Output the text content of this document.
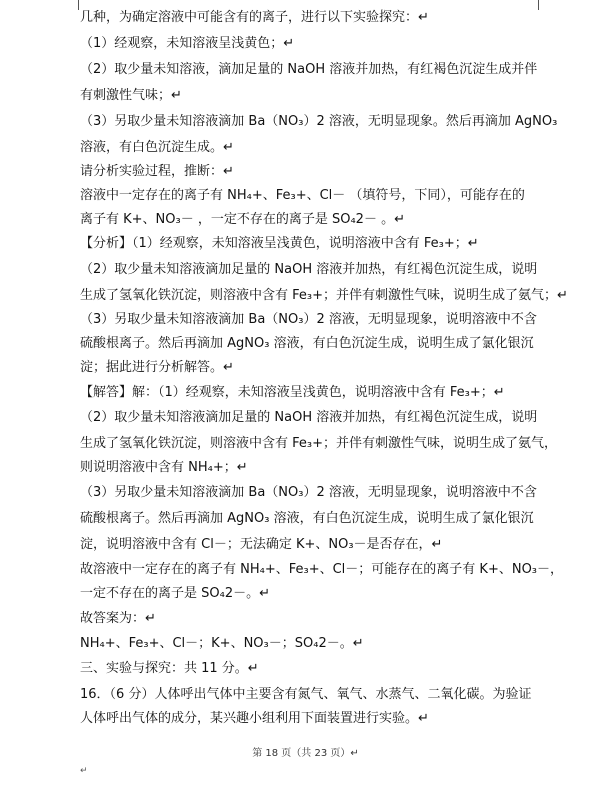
几种，为确定溶液中可能含有的离子，进行以下实验探究：↵
（1）经观察，未知溶液呈浅黄色；↵
（2）取少量未知溶液，滴加足量的 NaOH 溶液并加热，有红褐色沉淀生成并伴
有刺激性气味；↵
（3）另取少量未知溶液滴加 Ba（NO₃）2 溶液，无明显现象。然后再滴加 AgNO₃
溶液，有白色沉淀生成。↵
请分析实验过程，推断：↵
溶液中一定存在的离子有 NH₄+、Fe₃+、Cl－ （填符号，下同），可能存在的
离子有 K+、NO₃－ ，一定不存在的离子是 SO₄2－ 。↵
【分析】（1）经观察，未知溶液呈浅黄色，说明溶液中含有 Fe₃+；↵
（2）取少量未知溶液滴加足量的 NaOH 溶液并加热，有红褐色沉淀生成，说明
生成了氢氧化铁沉淀，则溶液中含有 Fe₃+；并伴有刺激性气味，说明生成了氨气；↵
（3）另取少量未知溶液滴加 Ba（NO₃）2 溶液，无明显现象，说明溶液中不含
硫酸根离子。然后再滴加 AgNO₃ 溶液，有白色沉淀生成，说明生成了氯化银沉
淀；据此进行分析解答。↵
【解答】解：（1）经观察，未知溶液呈浅黄色，说明溶液中含有 Fe₃+；↵
（2）取少量未知溶液滴加足量的 NaOH 溶液并加热，有红褐色沉淀生成，说明
生成了氢氧化铁沉淀，则溶液中含有 Fe₃+；并伴有刺激性气味，说明生成了氨气，
则说明溶液中含有 NH₄+；↵
（3）另取少量未知溶液滴加 Ba（NO₃）2 溶液，无明显现象，说明溶液中不含
硫酸根离子。然后再滴加 AgNO₃ 溶液，有白色沉淀生成，说明生成了氯化银沉
淀，说明溶液中含有 Cl－；无法确定 K+、NO₃－是否存在，↵
故溶液中一定存在的离子有 NH₄+、Fe₃+、Cl－；可能存在的离子有 K+、NO₃－，
一定不存在的离子是 SO₄2－。↵
故答案为：↵
NH₄+、Fe₃+、Cl－；K+、NO₃－；SO₄2－。↵
三、实验与探究：共 11 分。↵
16．（6 分）人体呼出气体中主要含有氮气、氧气、水蒸气、二氧化碳。为验证
人体呼出气体的成分，某兴趣小组利用下面装置进行实验。↵
第 18 页（共 23 页）↵
↵
